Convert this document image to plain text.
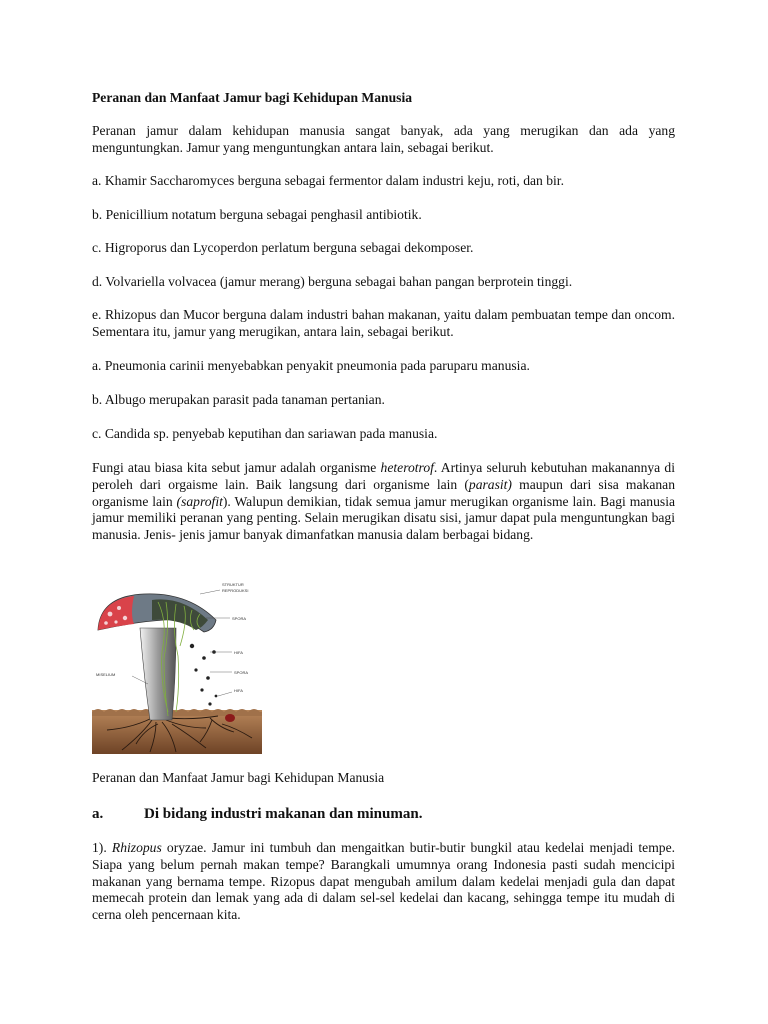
Peranan dan Manfaat Jamur bagi Kehidupan Manusia

Peranan jamur dalam kehidupan manusia sangat banyak, ada yang merugikan dan ada yang menguntungkan. Jamur yang menguntungkan antara lain, sebagai berikut.

a. Khamir Saccharomyces berguna sebagai fermentor dalam industri keju, roti, dan bir.

b. Penicillium notatum berguna sebagai penghasil antibiotik.

c. Higroporus dan Lycoperdon perlatum berguna sebagai dekomposer.

d. Volvariella volvacea (jamur merang) berguna sebagai bahan pangan berprotein tinggi.

e. Rhizopus dan Mucor berguna dalam industri bahan makanan, yaitu dalam pembuatan tempe dan oncom. Sementara itu, jamur yang merugikan, antara lain, sebagai berikut.

a. Pneumonia carinii menyebabkan penyakit pneumonia pada paruparu manusia.

b. Albugo merupakan parasit pada tanaman pertanian.

c. Candida sp. penyebab keputihan dan sariawan pada manusia.

Fungi atau biasa kita sebut jamur adalah organisme heterotrof. Artinya seluruh kebutuhan makanannya di peroleh dari orgaisme lain. Baik langsung dari organisme lain (parasit) maupun dari sisa makanan organisme lain (saprofit). Walupun demikian, tidak semua jamur merugikan organisme lain. Bagi manusia jamur memiliki peranan yang penting. Selain merugikan disatu sisi, jamur dapat pula menguntungkan bagi manusia. Jenis- jenis jamur banyak dimanfatkan manusia dalam berbagai bidang.

STRUKTUR
REPRODUKSI
SPORA
HIFA
SPORA
HIFA
MISELIUM

Peranan dan Manfaat Jamur bagi Kehidupan Manusia

a.	Di bidang industri makanan dan minuman.

1). Rhizopus oryzae. Jamur ini tumbuh dan mengaitkan butir-butir bungkil atau kedelai menjadi tempe. Siapa yang belum pernah makan tempe? Barangkali umumnya orang Indonesia pasti sudah mencicipi makanan yang bernama tempe. Rizopus dapat mengubah amilum dalam kedelai menjadi gula dan dapat memecah protein dan lemak yang ada di dalam sel-sel kedelai dan kacang, sehingga tempe itu mudah di cerna oleh pencernaan kita.
